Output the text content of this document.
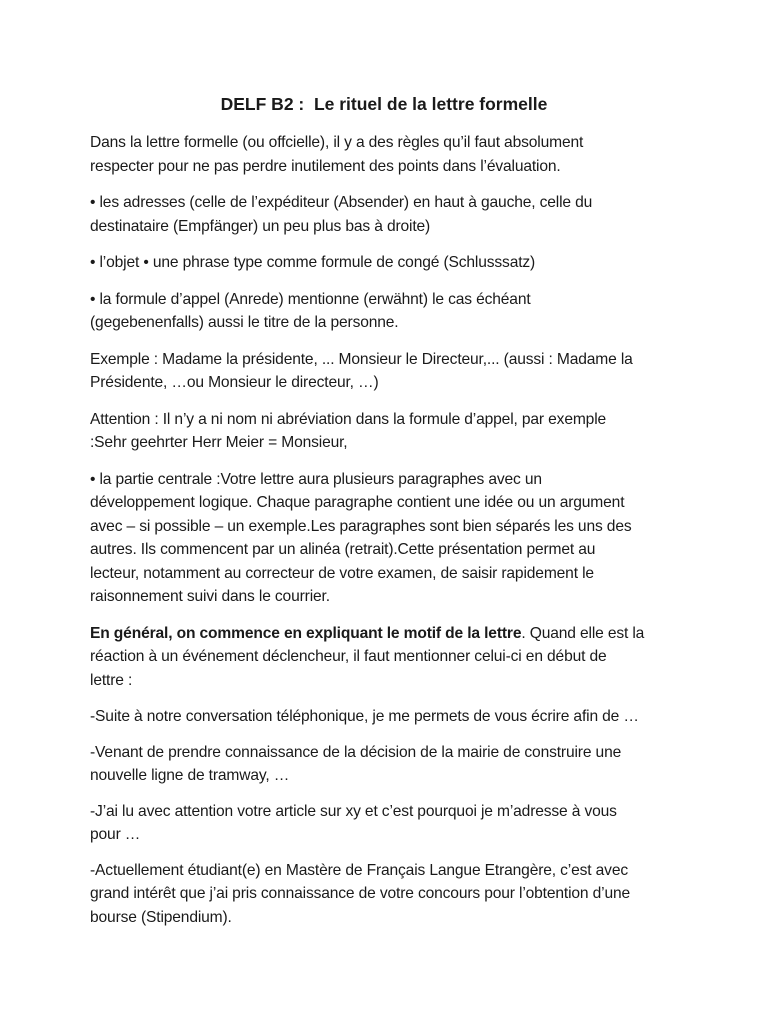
DELF B2 :  Le rituel de la lettre formelle

Dans la lettre formelle (ou offcielle), il y a des règles qu’il faut absolument
respecter pour ne pas perdre inutilement des points dans l’évaluation.

• les adresses (celle de l’expéditeur (Absender) en haut à gauche, celle du
destinataire (Empfänger) un peu plus bas à droite)

• l’objet • une phrase type comme formule de congé (Schlusssatz)

• la formule d’appel (Anrede) mentionne (erwähnt) le cas échéant
(gegebenenfalls) aussi le titre de la personne.

Exemple : Madame la présidente, ... Monsieur le Directeur,... (aussi : Madame la
Présidente, …ou Monsieur le directeur, …)

Attention : Il n’y a ni nom ni abréviation dans la formule d’appel, par exemple
:Sehr geehrter Herr Meier = Monsieur,

• la partie centrale :Votre lettre aura plusieurs paragraphes avec un
développement logique. Chaque paragraphe contient une idée ou un argument
avec – si possible – un exemple.Les paragraphes sont bien séparés les uns des
autres. Ils commencent par un alinéa (retrait).Cette présentation permet au
lecteur, notamment au correcteur de votre examen, de saisir rapidement le
raisonnement suivi dans le courrier.

En général, on commence en expliquant le motif de la lettre. Quand elle est la
réaction à un événement déclencheur, il faut mentionner celui-ci en début de
lettre :

-Suite à notre conversation téléphonique, je me permets de vous écrire afin de …

-Venant de prendre connaissance de la décision de la mairie de construire une
nouvelle ligne de tramway, …

-J’ai lu avec attention votre article sur xy et c’est pourquoi je m’adresse à vous
pour …

-Actuellement étudiant(e) en Mastère de Français Langue Etrangère, c’est avec
grand intérêt que j’ai pris connaissance de votre concours pour l’obtention d’une
bourse (Stipendium).
